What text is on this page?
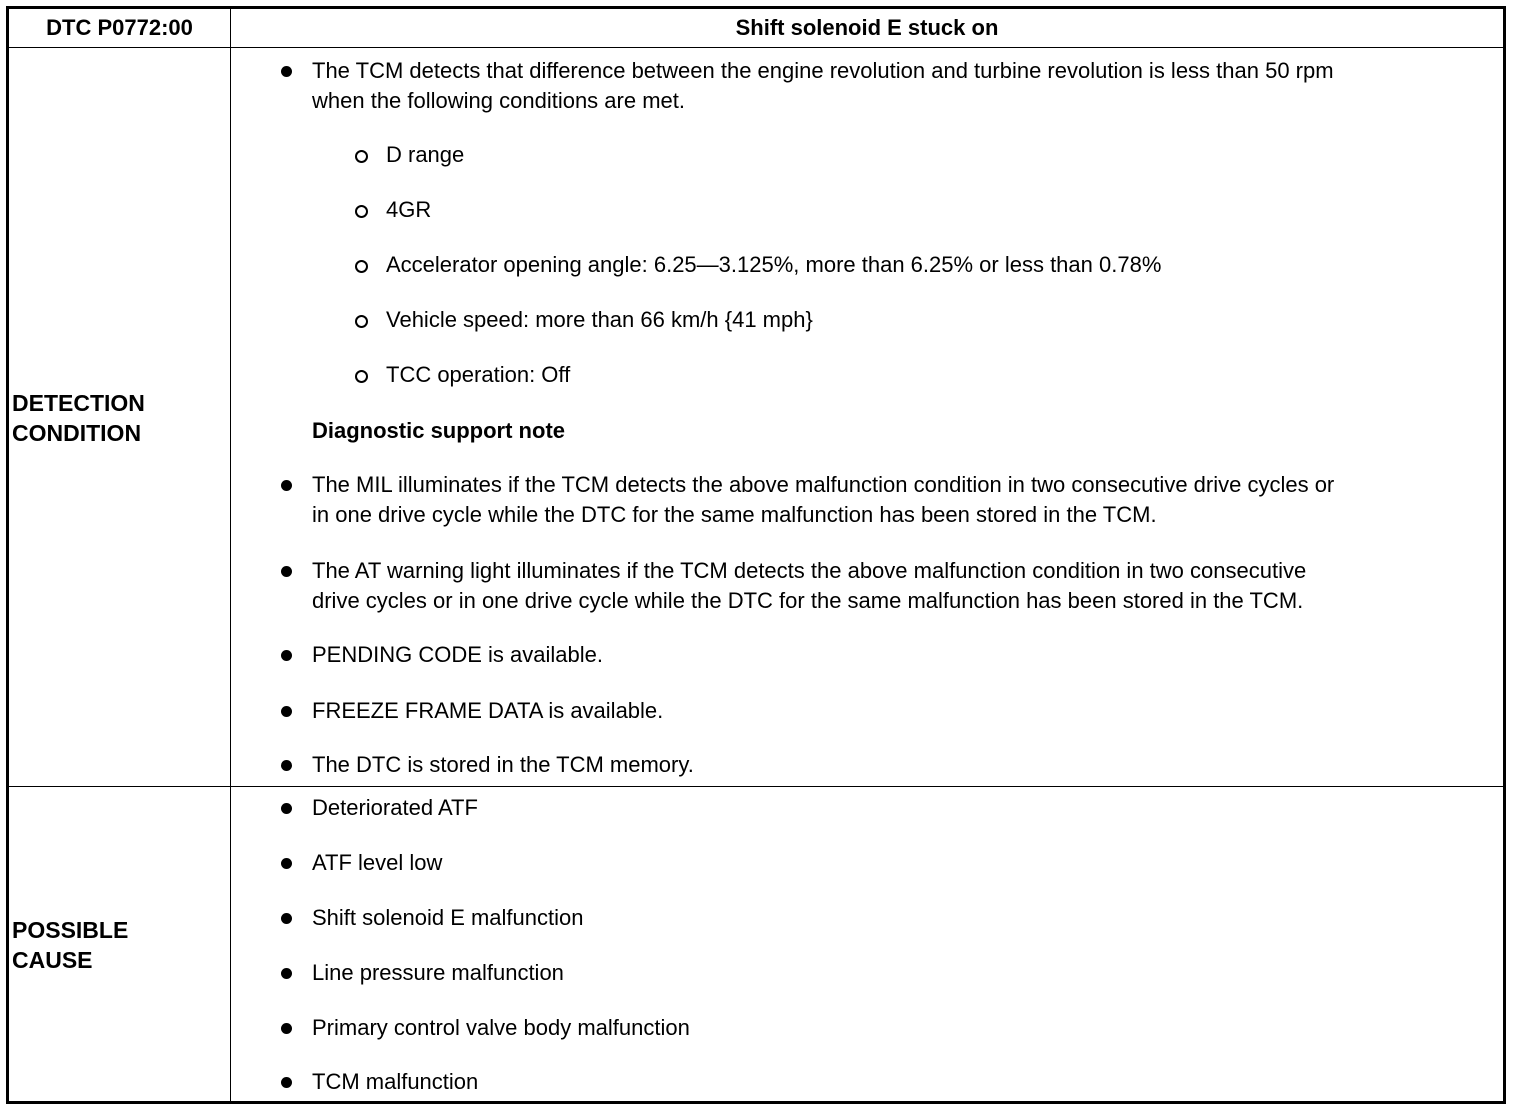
DTC P0772:00	Shift solenoid E stuck on
DETECTION
CONDITION
The TCM detects that difference between the engine revolution and turbine revolution is less than 50 rpm
when the following conditions are met.
D range
4GR
Accelerator opening angle: 6.25—3.125%, more than 6.25% or less than 0.78%
Vehicle speed: more than 66 km/h {41 mph}
TCC operation: Off
Diagnostic support note
The MIL illuminates if the TCM detects the above malfunction condition in two consecutive drive cycles or
in one drive cycle while the DTC for the same malfunction has been stored in the TCM.
The AT warning light illuminates if the TCM detects the above malfunction condition in two consecutive
drive cycles or in one drive cycle while the DTC for the same malfunction has been stored in the TCM.
PENDING CODE is available.
FREEZE FRAME DATA is available.
The DTC is stored in the TCM memory.
POSSIBLE
CAUSE
Deteriorated ATF
ATF level low
Shift solenoid E malfunction
Line pressure malfunction
Primary control valve body malfunction
TCM malfunction
